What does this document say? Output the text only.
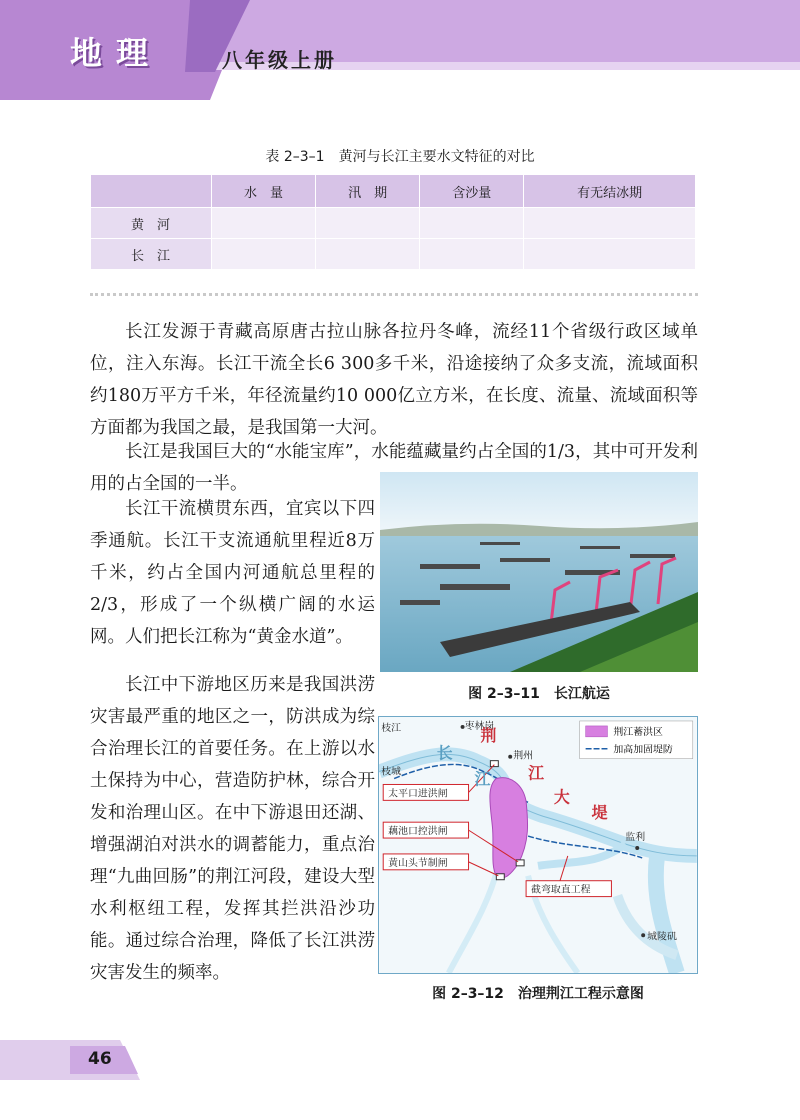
地理	八年级上册
表 2–3–1　黄河与长江主要水文特征的对比
	水　量	汛　期	含沙量	有无结冰期
黄　河				
长　江				

长江发源于青藏高原唐古拉山脉各拉丹冬峰，流经11个省级行政区域单位，注入东海。长江干流全长6 300多千米，沿途接纳了众多支流，流域面积约180万平方千米，年径流量约10 000亿立方米，在长度、流量、流域面积等方面都为我国之最，是我国第一大河。

长江是我国巨大的“水能宝库”，水能蕴藏量约占全国的1/3，其中可开发利用的占全国的一半。

长江干流横贯东西，宜宾以下四季通航。长江干支流通航里程近8万千米，约占全国内河通航总里程的2/3，形成了一个纵横广阔的水运网。人们把长江称为“黄金水道”。

长江中下游地区历来是我国洪涝灾害最严重的地区之一，防洪成为综合治理长江的首要任务。在上游以水土保持为中心，营造防护林，综合开发和治理山区。在中下游退田还湖、增强湖泊对洪水的调蓄能力，重点治理“九曲回肠”的荆江河段，建设大型水利枢纽工程，发挥其拦洪沿沙功能。通过综合治理，降低了长江洪涝灾害发生的频率。

图 2–3–11　长江航运
荆江蓄洪区
加高加固堤防
枝江	枣林岗
荆州
枝城
监利
城陵矶
长
江
荆
江
大
堤
太平口进洪闸
藕池口控洪闸
黄山头节制闸
截弯取直工程
图 2–3–12　治理荆江工程示意图
46
